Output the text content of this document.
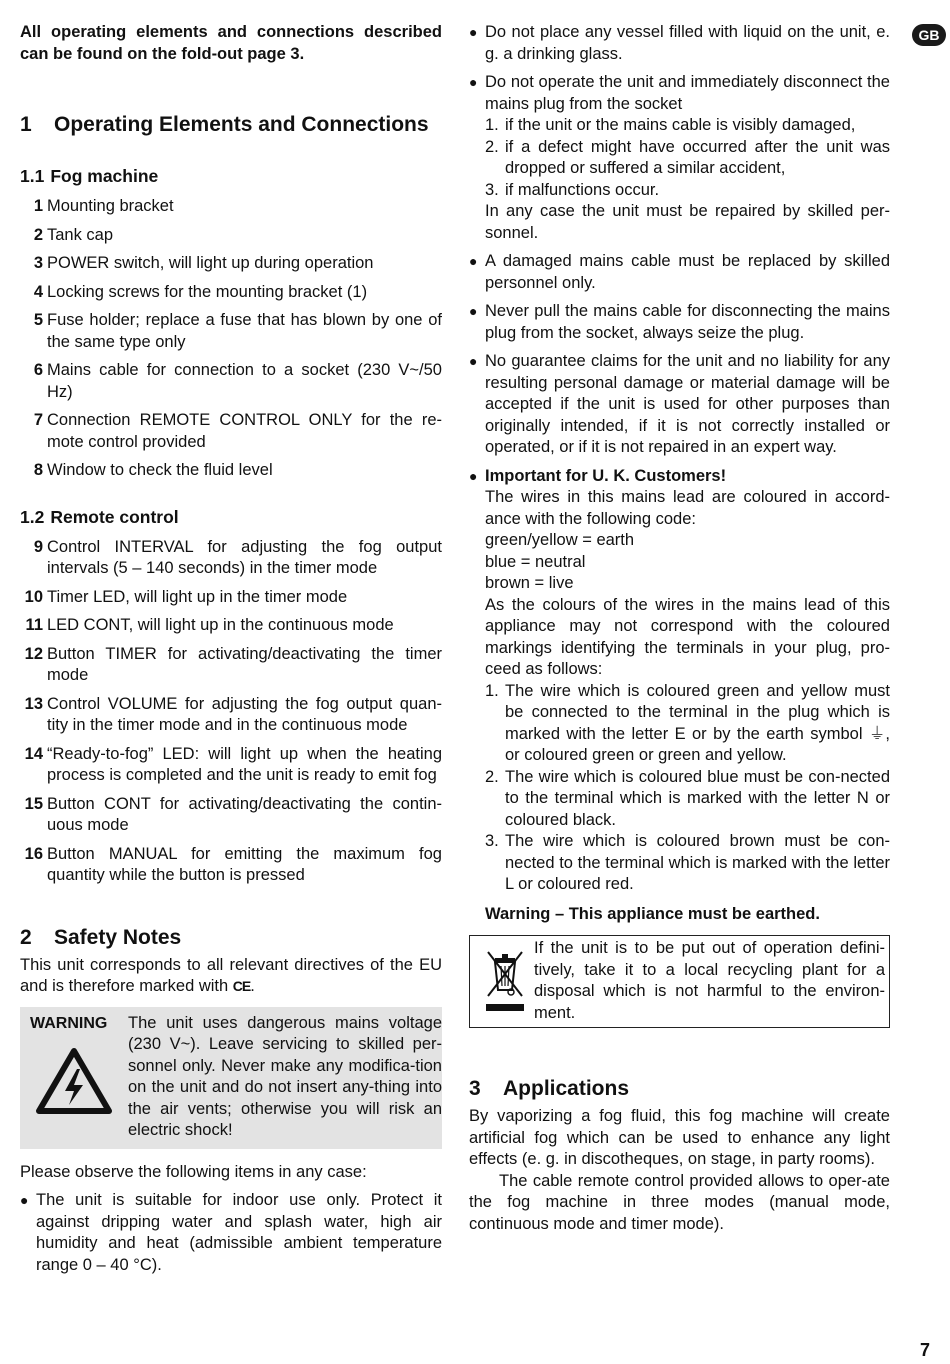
GB

All operating elements and connections described can be found on the fold-out page 3.

1 Operating Elements and Connections
1.1 Fog machine
1 Mounting bracket
2 Tank cap
3 POWER switch, will light up during operation
4 Locking screws for the mounting bracket (1)
5 Fuse holder; replace a fuse that has blown by one of the same type only
6 Mains cable for connection to a socket (230 V~/50 Hz)
7 Connection REMOTE CONTROL ONLY for the re-mote control provided
8 Window to check the fluid level
1.2 Remote control
9 Control INTERVAL for adjusting the fog output intervals (5 – 140 seconds) in the timer mode
10 Timer LED, will light up in the timer mode
11 LED CONT, will light up in the continuous mode
12 Button TIMER for activating/deactivating the timer mode
13 Control VOLUME for adjusting the fog output quan-tity in the timer mode and in the continuous mode
14 “Ready-to-fog” LED: will light up when the heating process is completed and the unit is ready to emit fog
15 Button CONT for activating/deactivating the contin-uous mode
16 Button MANUAL for emitting the maximum fog quantity while the button is pressed
2 Safety Notes

This unit corresponds to all relevant directives of the EU and is therefore marked with CE.

WARNING	The unit uses dangerous mains voltage (230 V~). Leave servicing to skilled per-sonnel only. Never make any modifica-tion on the unit and do not insert any-thing into the air vents; otherwise you will risk an electric shock!

Please observe the following items in any case:

● The unit is suitable for indoor use only. Protect it against dripping water and splash water, high air humidity and heat (admissible ambient temperature range 0 – 40 °C).
● Do not place any vessel filled with liquid on the unit, e. g. a drinking glass.
● Do not operate the unit and immediately disconnect the mains plug from the socket
1. if the unit or the mains cable is visibly damaged,
2. if a defect might have occurred after the unit was dropped or suffered a similar accident,
3. if malfunctions occur.
In any case the unit must be repaired by skilled per-sonnel.
● A damaged mains cable must be replaced by skilled personnel only.
● Never pull the mains cable for disconnecting the mains plug from the socket, always seize the plug.
● No guarantee claims for the unit and no liability for any resulting personal damage or material damage will be accepted if the unit is used for other purposes than originally intended, if it is not correctly installed or operated, or if it is not repaired in an expert way.
● Important for U. K. Customers!
The wires in this mains lead are coloured in accord-ance with the following code:
green/yellow = earth
blue = neutral
brown = live
As the colours of the wires in the mains lead of this appliance may not correspond with the coloured markings identifying the terminals in your plug, pro-ceed as follows:
1. The wire which is coloured green and yellow must be connected to the terminal in the plug which is marked with the letter E or by the earth symbol ⏚, or coloured green or green and yellow.
2. The wire which is coloured blue must be con-nected to the terminal which is marked with the letter N or coloured black.
3. The wire which is coloured brown must be con-nected to the terminal which is marked with the letter L or coloured red.
Warning – This appliance must be earthed.
If the unit is to be put out of operation defini-tively, take it to a local recycling plant for a disposal which is not harmful to the environ-ment.
3 Applications

By vaporizing a fog fluid, this fog machine will create artificial fog which can be used to enhance any light effects (e. g. in discotheques, on stage, in party rooms).

The cable remote control provided allows to oper-ate the fog machine in three modes (manual mode, continuous mode and timer mode).

7
